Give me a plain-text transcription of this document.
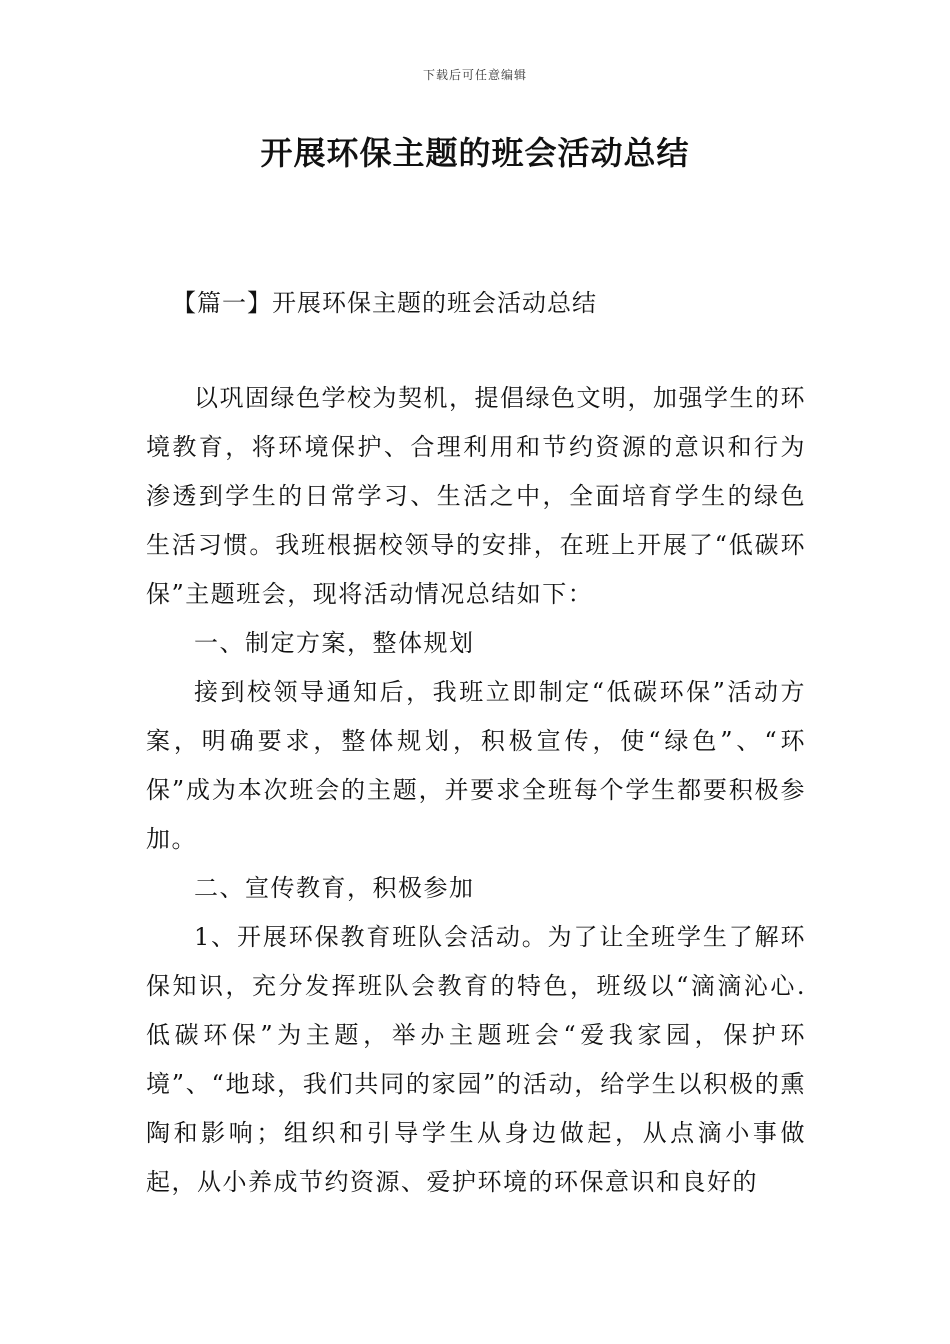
下载后可任意编辑
开展环保主题的班会活动总结
【篇一】开展环保主题的班会活动总结

以巩固绿色学校为契机，提倡绿色文明，加强学生的环境教育，将环境保护、合理利用和节约资源的意识和行为渗透到学生的日常学习、生活之中，全面培育学生的绿色生活习惯。我班根据校领导的安排，在班上开展了“低碳环保”主题班会，现将活动情况总结如下：

一、制定方案，整体规划

接到校领导通知后，我班立即制定“低碳环保”活动方案，明确要求，整体规划，积极宣传，使“绿色”、“环保”成为本次班会的主题，并要求全班每个学生都要积极参加。

二、宣传教育，积极参加

1、开展环保教育班队会活动。为了让全班学生了解环保知识，充分发挥班队会教育的特色，班级以“滴滴沁心.低碳环保”为主题，举办主题班会“爱我家园，保护环境”、“地球，我们共同的家园”的活动，给学生以积极的熏陶和影响；组织和引导学生从身边做起，从点滴小事做起，从小养成节约资源、爱护环境的环保意识和良好的
